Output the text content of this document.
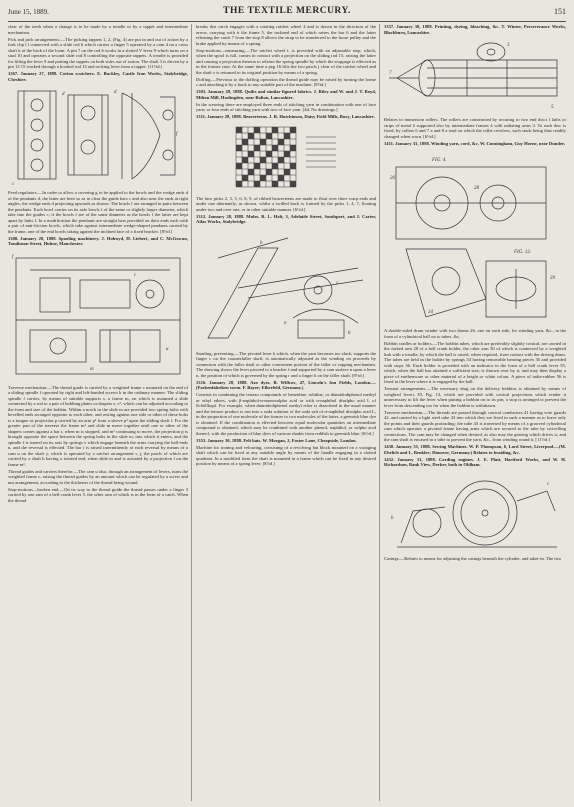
June 15, 1889.	THE TEXTILE MERCURY.	151

clear of the teeth when a change is to be made by a treadle or by a tappet and intermediate mechanism.

Pick and pick arrangements.—The picking tappets 1, 2, (Fig. 4) are put in and out of action by a fork clip l l connected with a slide rod 6 which carries a finger 5 operated by a cam 4 on a cross shaft it at the back of the loom. A pin 7 on the rod 6 works in a slotted V lever 9 which turns on a stud 10 and operates a second slide rod 8 controlling the opposite tappets. A treadle is provided for lifting the lever 9 and putting the tappets on both sides out of action. The shaft 3 is driven by a pin 12 15 worked through a hooked rod 13 and rocking lever from a tappet. [11½d.]

1267. January 27, 1888. Cotton scutchers. E. Buckley, Castle Iron Works, Stalybridge, Cheshire.

c
d	d
f

Feed regulators.—In order to allow a covering g to be applied to the bowls and the wedge ends d of the pendants d, the latter are bent so as to clear the guide bars c and also near the ends at right angles, the wedge ends d projecting upwards as shown. The bowls f are arranged in pairs between the pendants. Each bowl carries on its axle bowls f of the same or slightly larger diameter, which take into the guides c; if the bowls f are of the same diameter as the bowls f the latter are kept apart by links f. In a modification the pendants are straight bars provided on their ends each with a pair of anti-friction bowls, which take against intermediate wedge-shaped pendants carried by the frame, one of the end bowls taking against the inclined face of a fixed bracket. [8½d.]

1300. January 28, 1888. Spooling machinery. J. Holroyd, H. Liebert, and C. McGowan, Tomlinson Street, Hulme, Manchester.

f
c
m
u

Traverse mechanism.—The thread guide is carried by a weighted frame c mounted on the end of a sliding spindle f operated by right and left-handed screws k in the ordinary manner. The sliding spindle f carries, by means of suitable supports s, a frame m, on which is mounted a slide connected by a rod to a pair of bobbing plates or shapers e, e¹, which can be adjusted according to the form and size of the bobbin. Within a notch in the slide m are provided two spring bolts with bevelled ends arranged opposite to each other, and resting against one side or other of these bolts is a tongue or projection p carried by an arm p¹ from a sleeve p² upon the sliding shaft f. For the greater part of the traverse the frame m¹ and slide m move together until one or other of the shapers comes against a bar t, when m is stopped, and m¹ continuing to move, the projection p is brought opposite the space between the spring bolts in the slide m, into which it enters, and the spindle f is turned on its axis by springs v which engage beneath the arms carrying the ball-ends n, and the reversal is effected. The bar t is raised intermittently at each reversal by means of a cam u on the shaft y, which is operated by a ratchet arrangement r, j, the pawls of which are carried by a shaft h having a twisted end, when slide m and is actuated by a projection l on the frame m¹.

Thread guides and carriers therefor.—The cam u also, through an arrangement of levers, turns the weighted frame c, raising the thread guides by an amount which can be regulated by a screw and nut arrangement, according to the thickness of the thread being wound.

Stop-motions—broken end.—On its way to the thread guide the thread passes under a finger 3 carried by one arm of a bell-crank lever 5, the other arm of which is in the form of a catch. When the thread

breaks this catch engages with a rotating ratchet wheel 4 and is drawn in the direction of the arrow, carrying with it the frame 5, the inclined end of which raises the bar 6 and the latter releasing the catch 7 from the stop 8 allows the strap to be transferred to the loose pulley and the brake applied by means of a spring.

Stop-motions—measuring.—The ratchet wheel i, is provided with an adjustable stop, which, when the spool is full, comes in contact with a projection on the sliding rod 15, raising the latter and causing a projection thereon to release the spring spindle by which the stoppage is effected as in the former case. At the same time a peg 16 lifts the two pawls j clear of the ratchet wheel and the shaft v is returned to its original position by means of a spring.

Doffing.—Previous to the doffing operation the thread guide may be raised by turning the frame c and attaching it by a hook to any suitable part of the machine. [8½d.]

1303. January 28, 1888. Quilts and similar figured fabrics. J. Riley and W. and J. T. Boyd, Milton Mill, Haslingden, near Bolton, Lancashire.

In the weaving there are employed three ends of stitching yarn in combination with one of face yarn; or four ends of stitching yarn with two of face yarn. [4d. No drawings.]

1311. January 28, 1888. Beaverteens. J. R. Hutchinson, Daisy Field Mills, Bury, Lancashire.

The face picks 2, 3, 5, 6, 8, 9, of ribbed beaverteens are made to float over three warp ends and under one alternately, as shown, whilst a twilled back is formed by the picks 1, 4, 7, floating under two and over one, or in other suitable manner. [6½d.]

1312. January 28, 1888. Mules. R. L. Holt, 3, Adelaide Street, Southport, and J. Carter, Atlas Works, Stalybridge.

b
c
h
n

Snarling, preventing.—The pivoted lever b which, when the yarn becomes too slack, supports the finger c on the counterfaller shaft, is automatically adjusted as the winding on proceeds by connection with the faller shaft or other convenient portion of the faller or copping mechanism. The drawing shows the lever pivoted to a bracket f and supported by a cam surface n upon a lever n, the position of which is governed by the spring r and a finger h on the faller shaft. [8½d.]

1316. January 28, 1888. Azo dyes. B. Willcox, 47, Lincoln's Inn Fields, London.—(Farbenfabriken vorm. F. Bayer; Elberfeld, Germany.)

Consists in combining the tetrazo compounds of benzidine, tolidine, or diamidodiphenol methyl or ethyl ethers, with β-naphthol-α-monosulpho acid or with α-naphthol disulpho acid L of Schöllkopf. For example, when diamidodiphenol methyl ether is diazotised in the usual manner and the tetrazo product is run into a soda solution of the soda salt of α-naphthol disulpho acid L, in the proportion of one molecule of the former to two molecules of the latter, a greenish blue dye is obtained. If the combination is effected between equal molecular quantities an intermediate compound is obtained, which may be combined with another phenol, naphthol, or sulpho acid thereof, with the production of blue dyes of various shades from reddish to greenish blue. [6½d.]

1353. January 30, 1888. Felt hats. W. Morgan, 2, Foster Lane, Cheapside, London.

Machine for ironing and velouring, consisting of a revolving hat block mounted on a swinging shaft which can be fixed at any suitable angle by means of the handle engaging in a slotted quadrant. In a modified form the shaft is mounted in a frame which can be fixed in any desired position by means of a spring lever. [8½d.]

1357. January 30, 1888. Printing, dyeing, bleaching, &c. T. Winter, Perseverance Works, Blackburn, Lancashire.

7
3
5

Relates to immersion rollers. The rollers are constructed by securing to two end discs l laths or strips of metal δ supported also by intermediate frames 4 with radiating arms 3. To each disc is fixed, by collars 6 and 7 a and 8 a stud on which the roller revolves, such studs being thus readily changed when worn. [6½d.]

1411. January 31, 1888. Winding yarn, cord, &c. W. Cunningham, Guy Horne, near Dundee.

FIG. 4.
FIG. 12.
26
28
39
34

A double-sided drum winder with two drums 26, one on each side, for winding yarn, &c., in the form of a cylindrical ball on to tubes, &c.

Bobbin cradles or holders.—The bobbin tubes, which are preferably slightly conical, are carried in the forked arm 28 of a bell crank holder, the other arm 30 of which is connected by a weighted link with a treadle, by which the ball is raised, when required, from contact with the driving drum. The tubes are held in the holder by springs 34 having removable bearing pieces 35 and provided with stops 36. Each holder is provided with an indicator in the form of a bell crank lever 55, which, when the ball has attained a sufficient size, is thrown over by it, and may then display a piece of earthenware or other material of a bright or white colour. A piece of india-rubber 56 is fixed in the lever where it is engaged by the ball.

Tension arrangements.—The necessary drag on the delivery bobbins is obtained by means of weighted levers 39, Fig. 13, which are provided with conical projections which render it unnecessary to lift the lever when putting a bobbin on to its pin; a stop is arranged to prevent the lever from descending too far when the bobbin is withdrawn.

Traverse mechanism.—The threads are passed through conical conductors 41 having wire guards 42, and carried by a light steel tube 43 into which they are fixed in such a manner as to leave only the points and their guards protruding; the tube 43 is traversed by means of a grooved cylindrical cam which operates a pivoted frame having arms which are secured to the tube by swivelling connections. The cam may be changed when desired, as also may the gearing which drives it, and the cam shaft is encased in a tube to prevent the yarn, &c., from winding round it. [11½d.]

1430. January 31, 1888. Sewing Machines. W. P. Thompson, 6, Lord Street, Liverpool.—(M. Ehrlich and L. Benkler; Hanover, Germany.) Relates to braiding, &c.

1432. January 31, 1888. Carding engines. J. E. Platt, Hartford Works, and W. H. Richardson, Bank View, Derker, both in Oldham.

b
c

Casings.—Relates to means for adjusting the casings beneath the cylinder, and taker-in. The two
